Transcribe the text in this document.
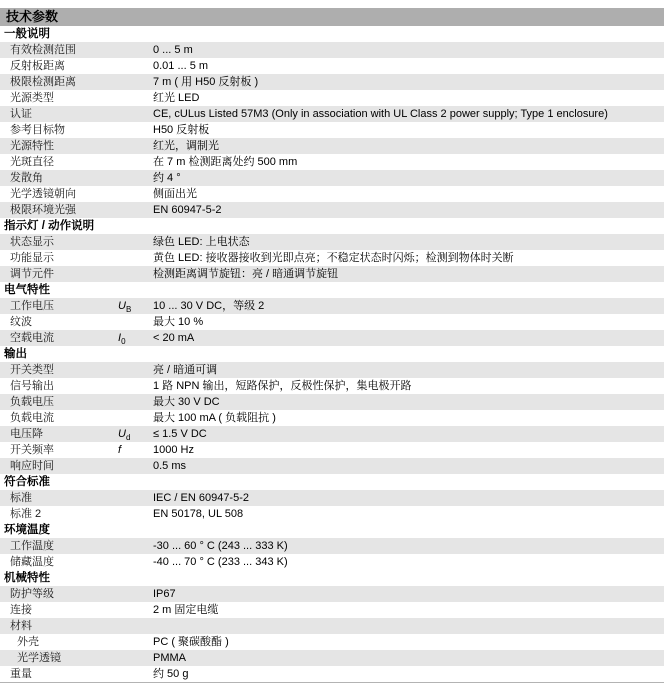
技术参数
一般说明
有效检测范围	0 ... 5 m
反射板距离	0.01 ... 5 m
极限检测距离	7 m ( 用 H50 反射板 )
光源类型	红光 LED
认证	CE, cULus Listed 57M3 (Only in association with UL Class 2 power supply; Type 1 enclosure)
参考目标物	H50 反射板
光源特性	红光，调制光
光斑直径	在 7 m 检测距离处约 500 mm
发散角	约 4 °
光学透镜朝向	侧面出光
极限环境光强	EN 60947-5-2
指示灯 / 动作说明
状态显示	绿色 LED: 上电状态
功能显示	黄色 LED: 接收器接收到光即点亮；不稳定状态时闪烁；检测到物体时关断
调节元件	检测距离调节旋钮：亮 / 暗通调节旋钮
电气特性
工作电压	$U_B$	10 ... 30 V DC，等级 2
纹波	最大 10 %
空载电流	$I_0$	< 20 mA
输出
开关类型	亮 / 暗通可调
信号输出	1 路 NPN 输出，短路保护，反极性保护，集电极开路
负载电压	最大 30 V DC
负载电流	最大 100 mA ( 负载阻抗 )
电压降	$U_d$	≤ 1.5 V DC
开关频率	f	1000 Hz
响应时间	0.5 ms
符合标准
标准	IEC / EN 60947-5-2
标准 2	EN 50178, UL 508
环境温度
工作温度	-30 ... 60 ° C (243 ... 333 K)
储藏温度	-40 ... 70 ° C (233 ... 343 K)
机械特性
防护等级	IP67
连接	2 m 固定电缆
材料
外壳	PC ( 聚碳酸酯 )
光学透镜	PMMA
重量	约 50 g
